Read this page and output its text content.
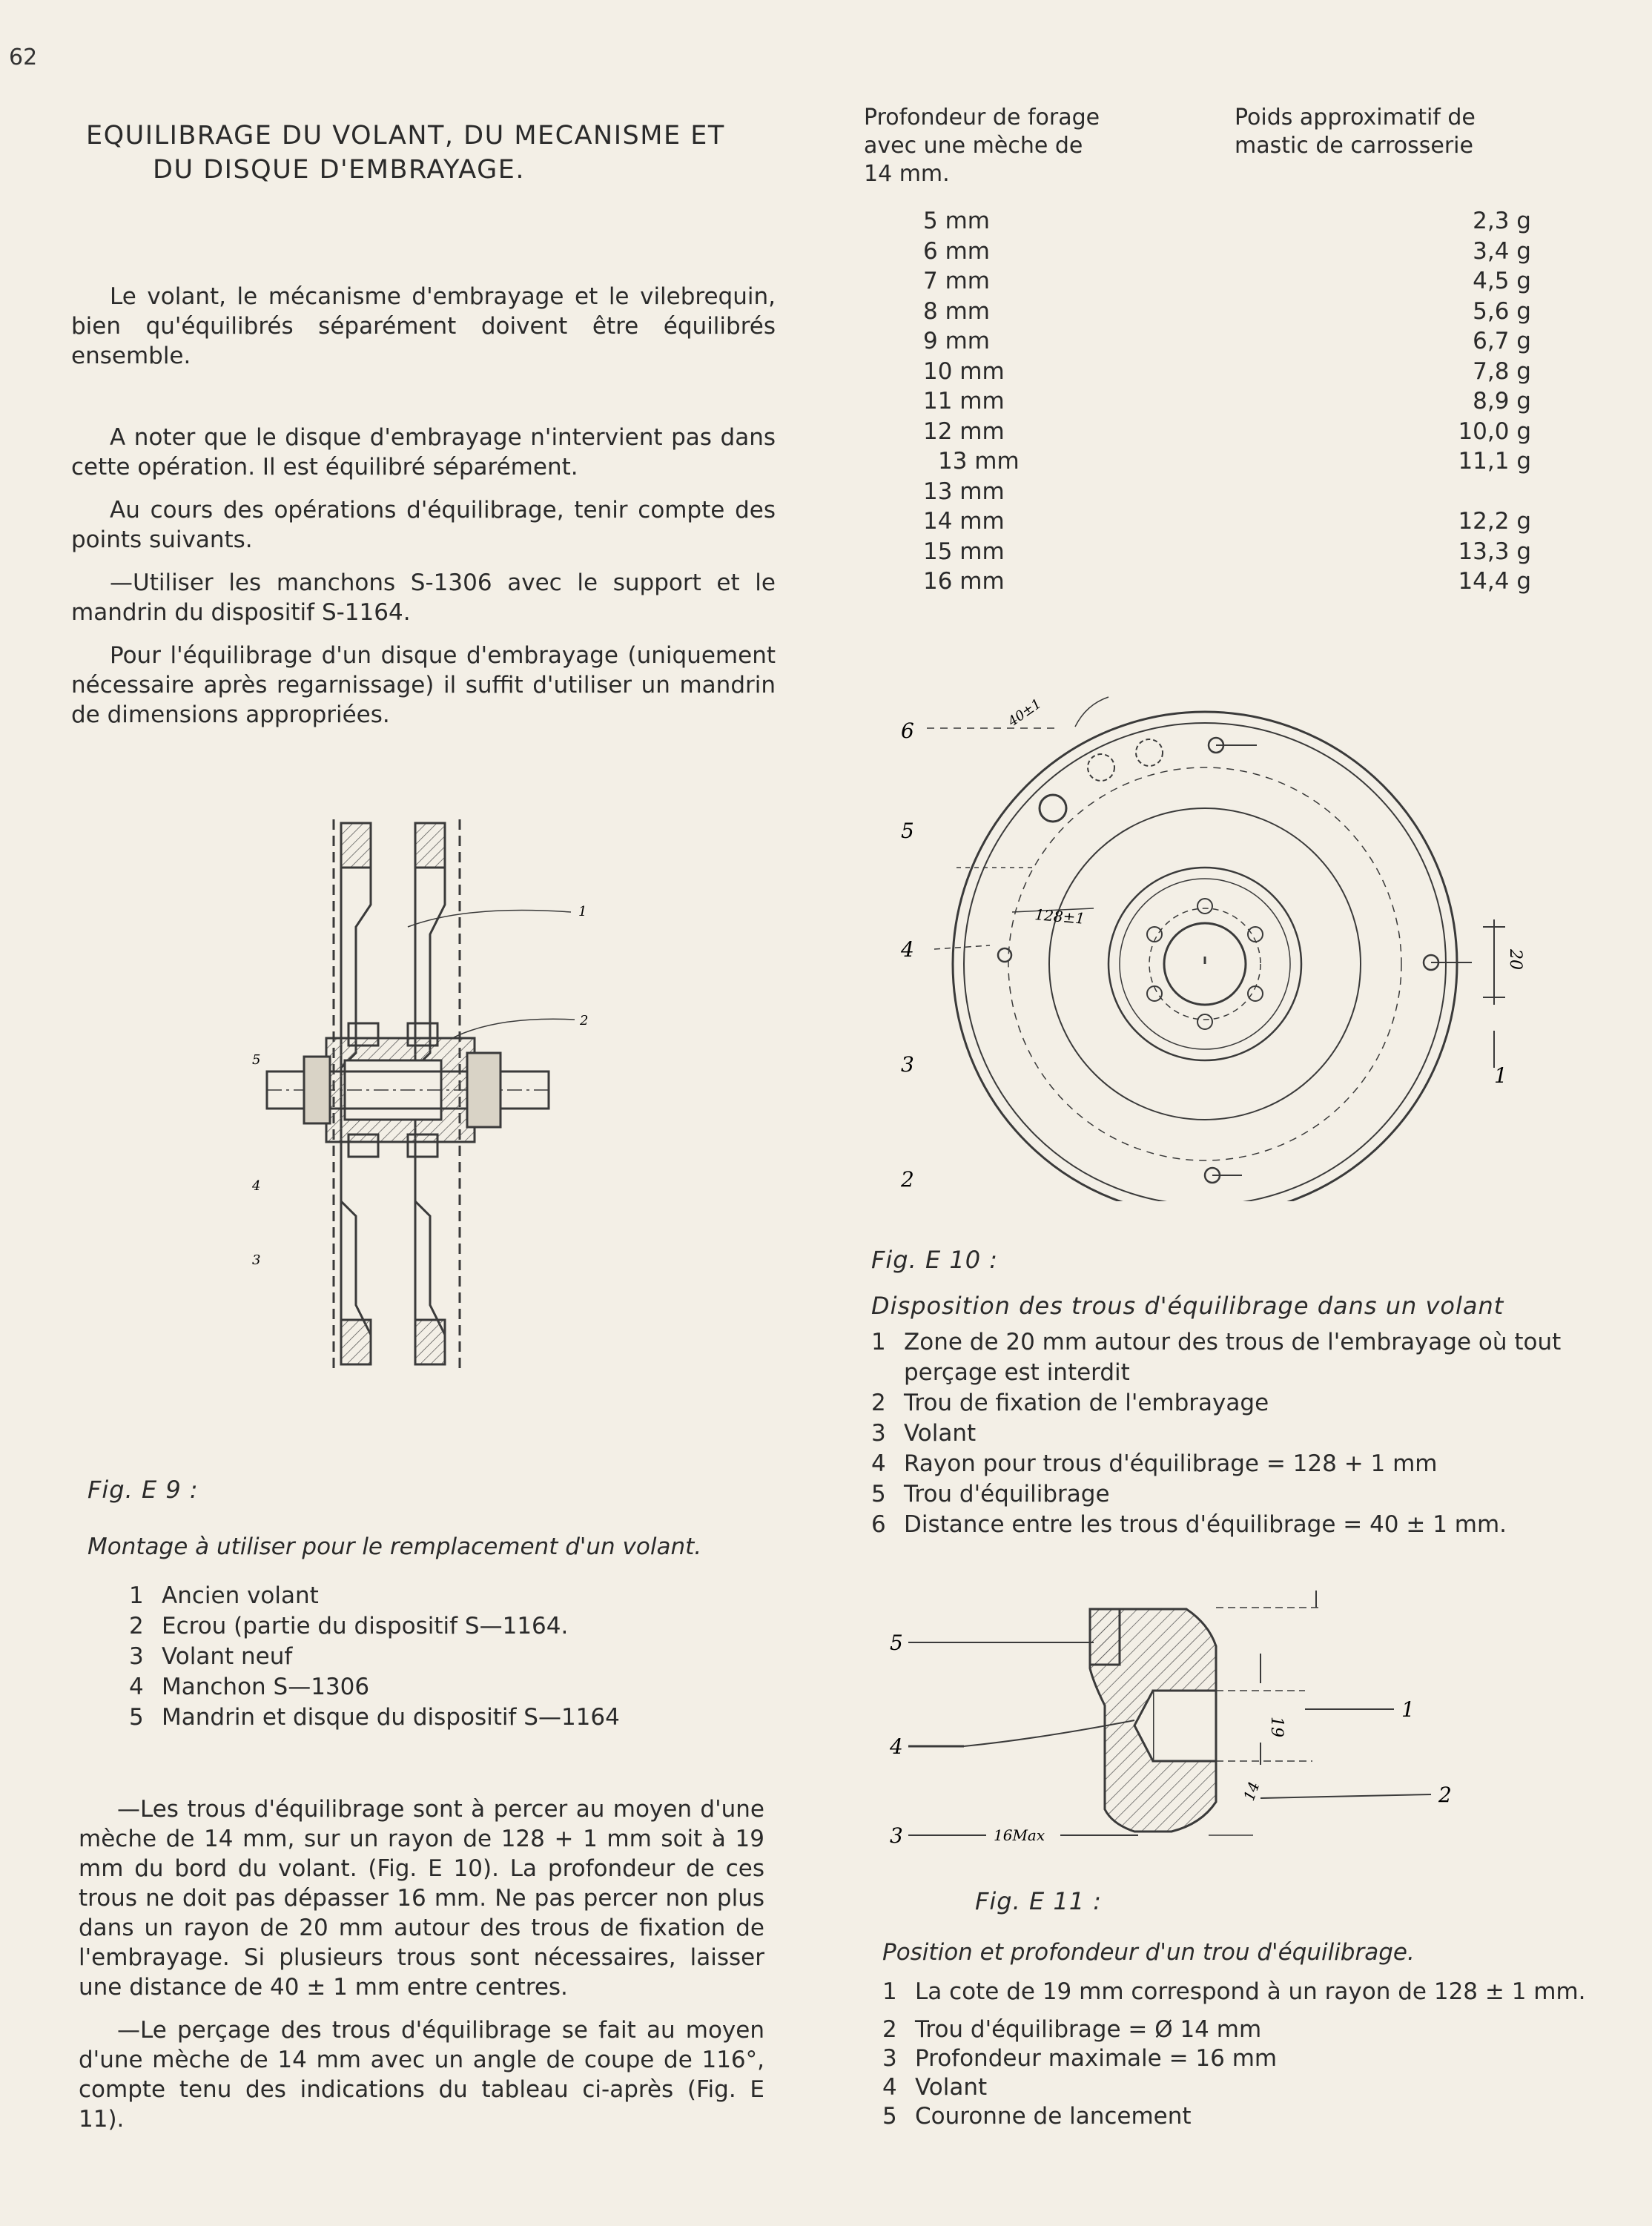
62
EQUILIBRAGE DU VOLANT, DU MECANISME ET
DU DISQUE D'EMBRAYAGE.

Le volant, le mécanisme d'embrayage et le vilebrequin, bien qu'équilibrés séparément doivent être équilibrés ensemble.

A noter que le disque d'embrayage n'intervient pas dans cette opération. Il est équilibré séparément.

Au cours des opérations d'équilibrage, tenir compte des points suivants.

—Utiliser les manchons S-1306 avec le support et le mandrin du dispositif S-1164.

Pour l'équilibrage d'un disque d'embrayage (uniquement nécessaire après regarnissage) il suffit d'utiliser un mandrin de dimensions appropriées.

1
2
5
4
3
Fig. E 9 :
Montage à utiliser pour le remplacement d'un volant.
1 Ancien volant
2 Ecrou (partie du dispositif S—1164.
3 Volant neuf
4 Manchon S—1306
5 Mandrin et disque du dispositif S—1164

—Les trous d'équilibrage sont à percer au moyen d'une mèche de 14 mm, sur un rayon de 128 + 1 mm soit à 19 mm du bord du volant. (Fig. E 10). La profondeur de ces trous ne doit pas dépasser 16 mm. Ne pas percer non plus dans un rayon de 20 mm autour des trous de fixation de l'embrayage. Si plusieurs trous sont nécessaires, laisser une distance de 40 ± 1 mm entre centres.

—Le perçage des trous d'équilibrage se fait au moyen d'une mèche de 14 mm avec un angle de coupe de 116°, compte tenu des indications du tableau ci-après (Fig. E 11).

Profondeur de forage
avec une mèche de
14 mm.
Poids approximatif de
mastic de carrosserie
5 mm	2,3 g
6 mm	3,4 g
7 mm	4,5 g
8 mm	5,6 g
9 mm	6,7 g
10 mm	7,8 g
11 mm	8,9 g
12 mm	10,0 g
13 mm	11,1 g
13 mm
14 mm	12,2 g
15 mm	13,3 g
16 mm	14,4 g
6
5
4
3
2
1
40±1
128±1
20
Fig. E 10 :
Disposition des trous d'équilibrage dans un volant
1 Zone de 20 mm autour des trous de l'embrayage où tout perçage est interdit
2 Trou de fixation de l'embrayage
3 Volant
4 Rayon pour trous d'équilibrage = 128 + 1 mm
5 Trou d'équilibrage
6 Distance entre les trous d'équilibrage = 40 ± 1 mm.
5
4
3
1
2
19
14
16Max
Fig. E 11 :
Position et profondeur d'un trou d'équilibrage.
1 La cote de 19 mm correspond à un rayon de 128 ± 1 mm.
2 Trou d'équilibrage = Ø 14 mm
3 Profondeur maximale = 16 mm
4 Volant
5 Couronne de lancement
